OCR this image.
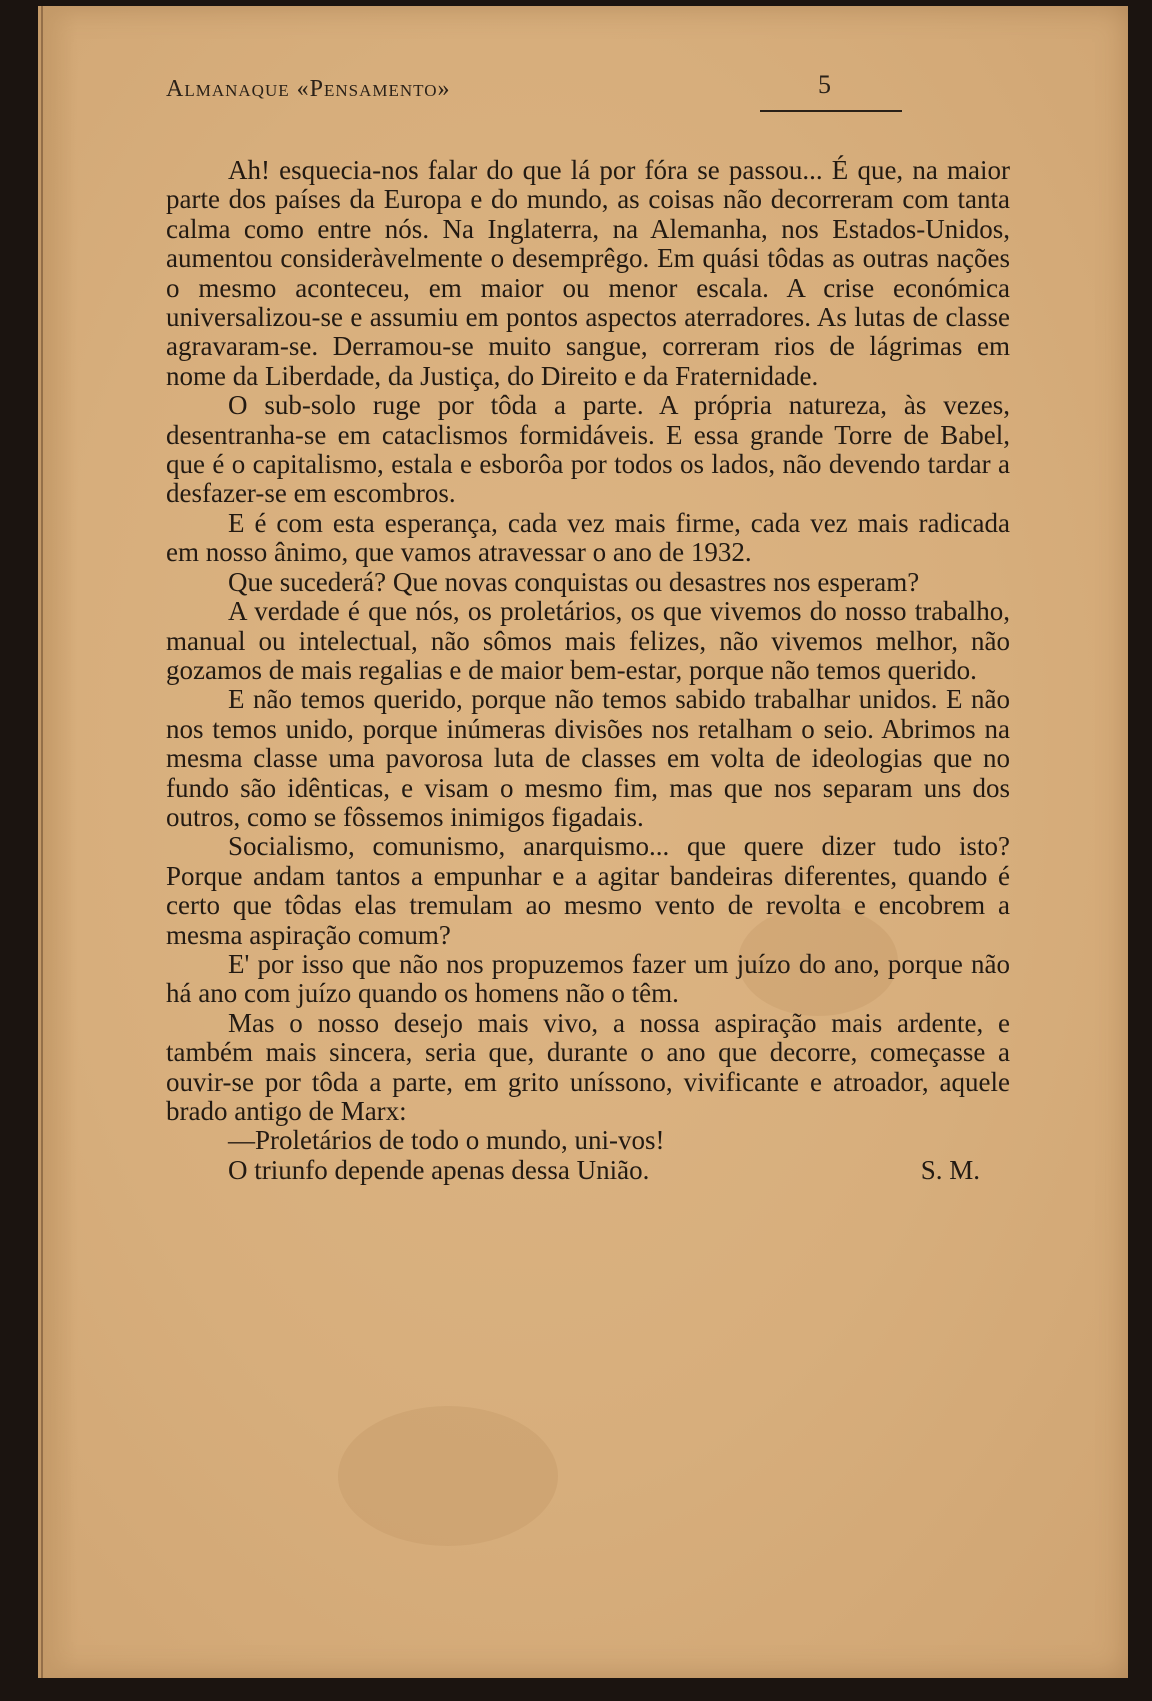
Almanaque «Pensamento»	5

Ah! esquecia-nos falar do que lá por fóra se passou... É que, na maior parte dos países da Europa e do mundo, as coisas não decorreram com tanta calma como entre nós. Na Inglaterra, na Alemanha, nos Estados-Unidos, aumentou consideràvelmente o desemprêgo. Em quási tôdas as outras nações o mesmo aconteceu, em maior ou menor escala. A crise económica universalizou-se e assumiu em pontos aspectos aterradores. As lutas de classe agravaram-se. Derramou-se muito sangue, correram rios de lágrimas em nome da Liberdade, da Justiça, do Direito e da Fraternidade.

O sub-solo ruge por tôda a parte. A própria natureza, às vezes, desentranha-se em cataclismos formidáveis. E essa grande Torre de Babel, que é o capitalismo, estala e esborôa por todos os lados, não devendo tardar a desfazer-se em escombros.

E é com esta esperança, cada vez mais firme, cada vez mais radicada em nosso ânimo, que vamos atravessar o ano de 1932.

Que sucederá? Que novas conquistas ou desastres nos esperam?

A verdade é que nós, os proletários, os que vivemos do nosso trabalho, manual ou intelectual, não sômos mais felizes, não vivemos melhor, não gozamos de mais regalias e de maior bem-estar, porque não temos querido.

E não temos querido, porque não temos sabido trabalhar unidos. E não nos temos unido, porque inúmeras divisões nos retalham o seio. Abrimos na mesma classe uma pavorosa luta de classes em volta de ideologias que no fundo são idênticas, e visam o mesmo fim, mas que nos separam uns dos outros, como se fôssemos inimigos figadais.

Socialismo, comunismo, anarquismo... que quere dizer tudo isto? Porque andam tantos a empunhar e a agitar bandeiras diferentes, quando é certo que tôdas elas tremulam ao mesmo vento de revolta e encobrem a mesma aspiração comum?

E' por isso que não nos propuzemos fazer um juízo do ano, porque não há ano com juízo quando os homens não o têm.

Mas o nosso desejo mais vivo, a nossa aspiração mais ardente, e também mais sincera, seria que, durante o ano que decorre, começasse a ouvir-se por tôda a parte, em grito uníssono, vivificante e atroador, aquele brado antigo de Marx:

—Proletários de todo o mundo, uni-vos!

O triunfo depende apenas dessa União.	S. M.
